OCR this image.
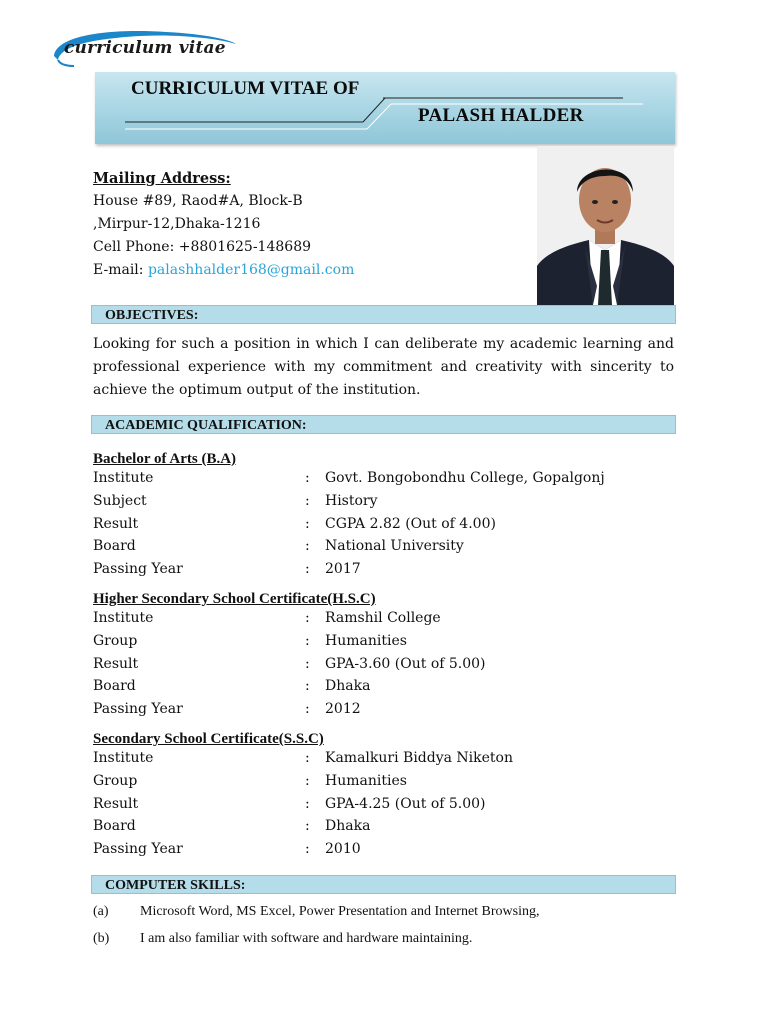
curriculum vitae
CURRICULUM VITAE OF
PALASH HALDER
Mailing Address:
House #89, Raod#A, Block-B
,Mirpur-12,Dhaka-1216
Cell Phone: +8801625-148689
E-mail: palashhalder168@gmail.com
OBJECTIVES:
Looking for such a position in which I can deliberate my academic learning and professional experience with my commitment and creativity with sincerity to achieve the optimum output of the institution.
ACADEMIC QUALIFICATION:
Bachelor of Arts (B.A)
Institute	: Govt. Bongobondhu College, Gopalgonj
Subject	: History
Result	: CGPA 2.82 (Out of 4.00)
Board	: National University
Passing Year	: 2017
Higher Secondary School Certificate(H.S.C)
Institute	: Ramshil College
Group	: Humanities
Result	: GPA-3.60 (Out of 5.00)
Board	: Dhaka
Passing Year	: 2012
Secondary School Certificate(S.S.C)
Institute	: Kamalkuri Biddya Niketon
Group	: Humanities
Result	: GPA-4.25 (Out of 5.00)
Board	: Dhaka
Passing Year	: 2010
COMPUTER SKILLS:
(a) Microsoft Word, MS Excel, Power Presentation and Internet Browsing,
(b) I am also familiar with software and hardware maintaining.
